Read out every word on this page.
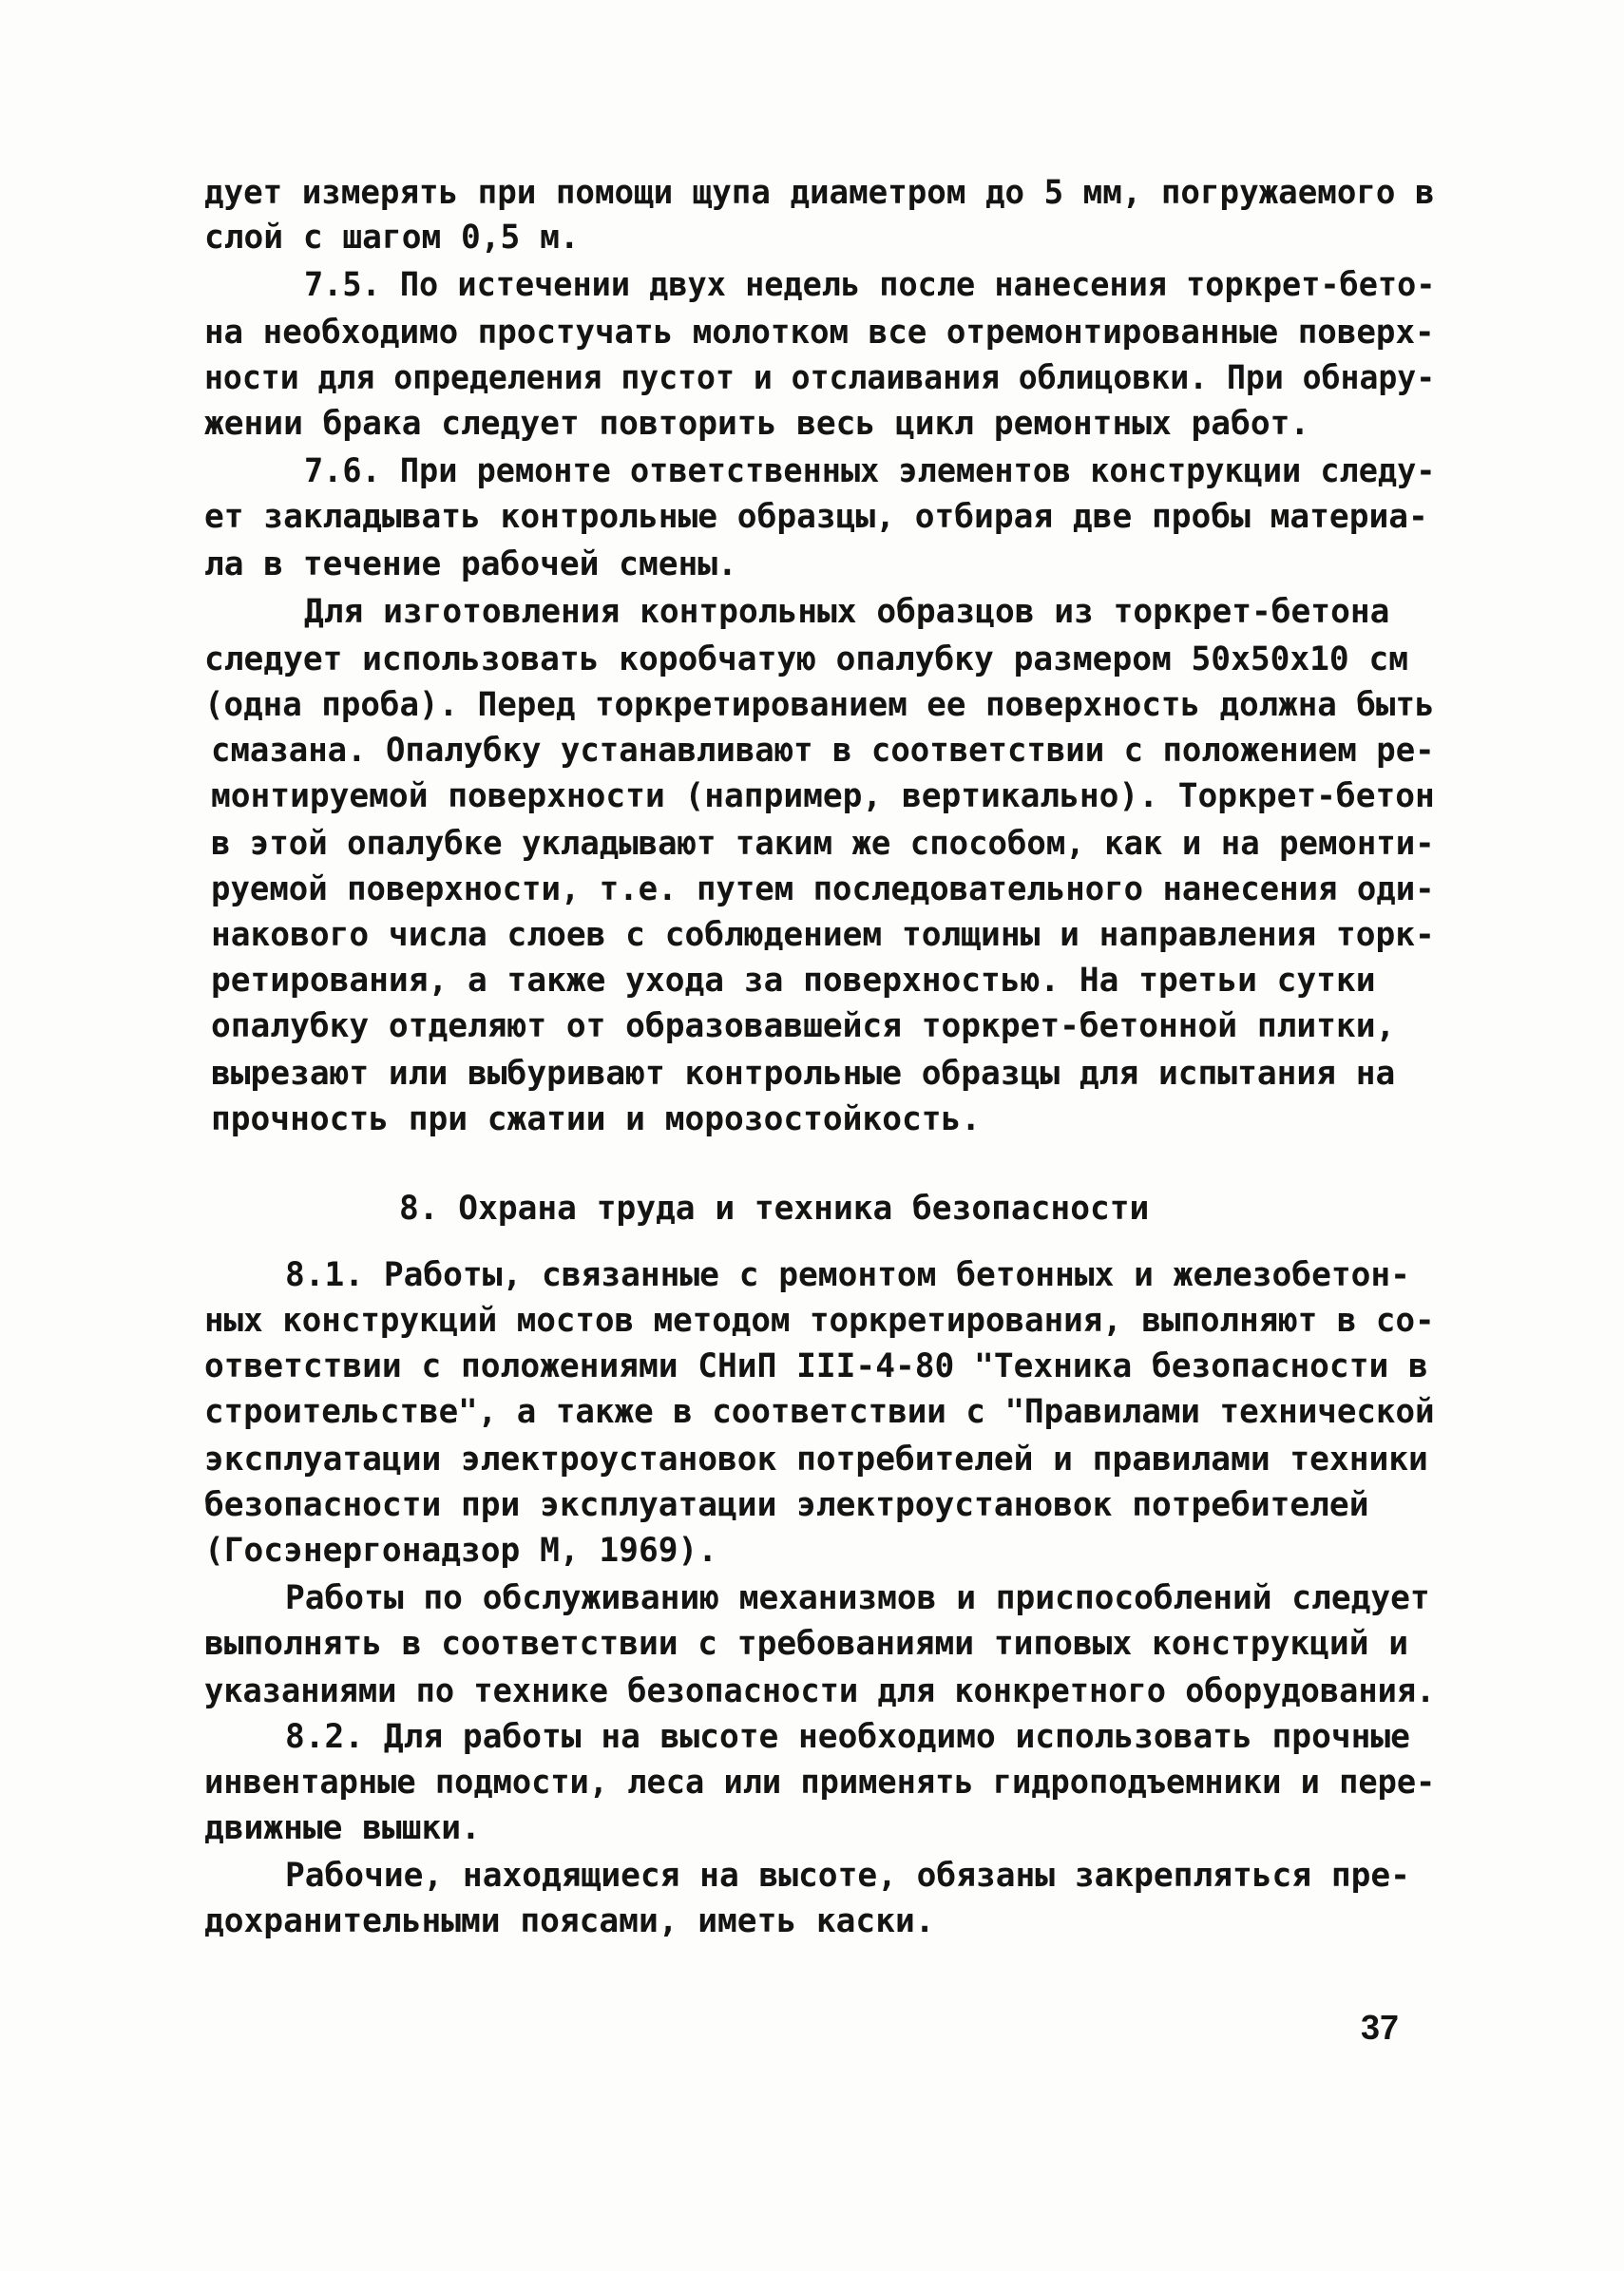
дует измерять при помощи щупа диаметром до 5 мм, погружаемого в
слой с шагом 0,5 м.
7.5. По истечении двух недель после нанесения торкрет-бето-
на необходимо простучать молотком все отремонтированные поверх-
ности для определения пустот и отслаивания облицовки. При обнару-
жении брака следует повторить весь цикл ремонтных работ.
7.6. При ремонте ответственных элементов конструкции следу-
ет закладывать контрольные образцы, отбирая две пробы материа-
ла в течение рабочей смены.
Для изготовления контрольных образцов из торкрет-бетона
следует использовать коробчатую опалубку размером 50х50х10 см
(одна проба). Перед торкретированием ее поверхность должна быть
смазана. Опалубку устанавливают в соответствии с положением ре-
монтируемой поверхности (например, вертикально). Торкрет-бетон
в этой опалубке укладывают таким же способом, как и на ремонти-
руемой поверхности, т.е. путем последовательного нанесения оди-
накового числа слоев с соблюдением толщины и направления торк-
ретирования, а также ухода за поверхностью. На третьи сутки
опалубку отделяют от образовавшейся торкрет-бетонной плитки,
вырезают или выбуривают контрольные образцы для испытания на
прочность при сжатии и морозостойкость.
8. Охрана труда и техника безопасности
8.1. Работы, связанные с ремонтом бетонных и железобетон-
ных конструкций мостов методом торкретирования, выполняют в со-
ответствии с положениями СНиП III-4-80 "Техника безопасности в
строительстве", а также в соответствии с "Правилами технической
эксплуатации электроустановок потребителей и правилами техники
безопасности при эксплуатации электроустановок потребителей
(Госэнергонадзор М, 1969).
Работы по обслуживанию механизмов и приспособлений следует
выполнять в соответствии с требованиями типовых конструкций и
указаниями по технике безопасности для конкретного оборудования.
8.2. Для работы на высоте необходимо использовать прочные
инвентарные подмости, леса или применять гидроподъемники и пере-
движные вышки.
Рабочие, находящиеся на высоте, обязаны закрепляться пре-
дохранительными поясами, иметь каски.
37
